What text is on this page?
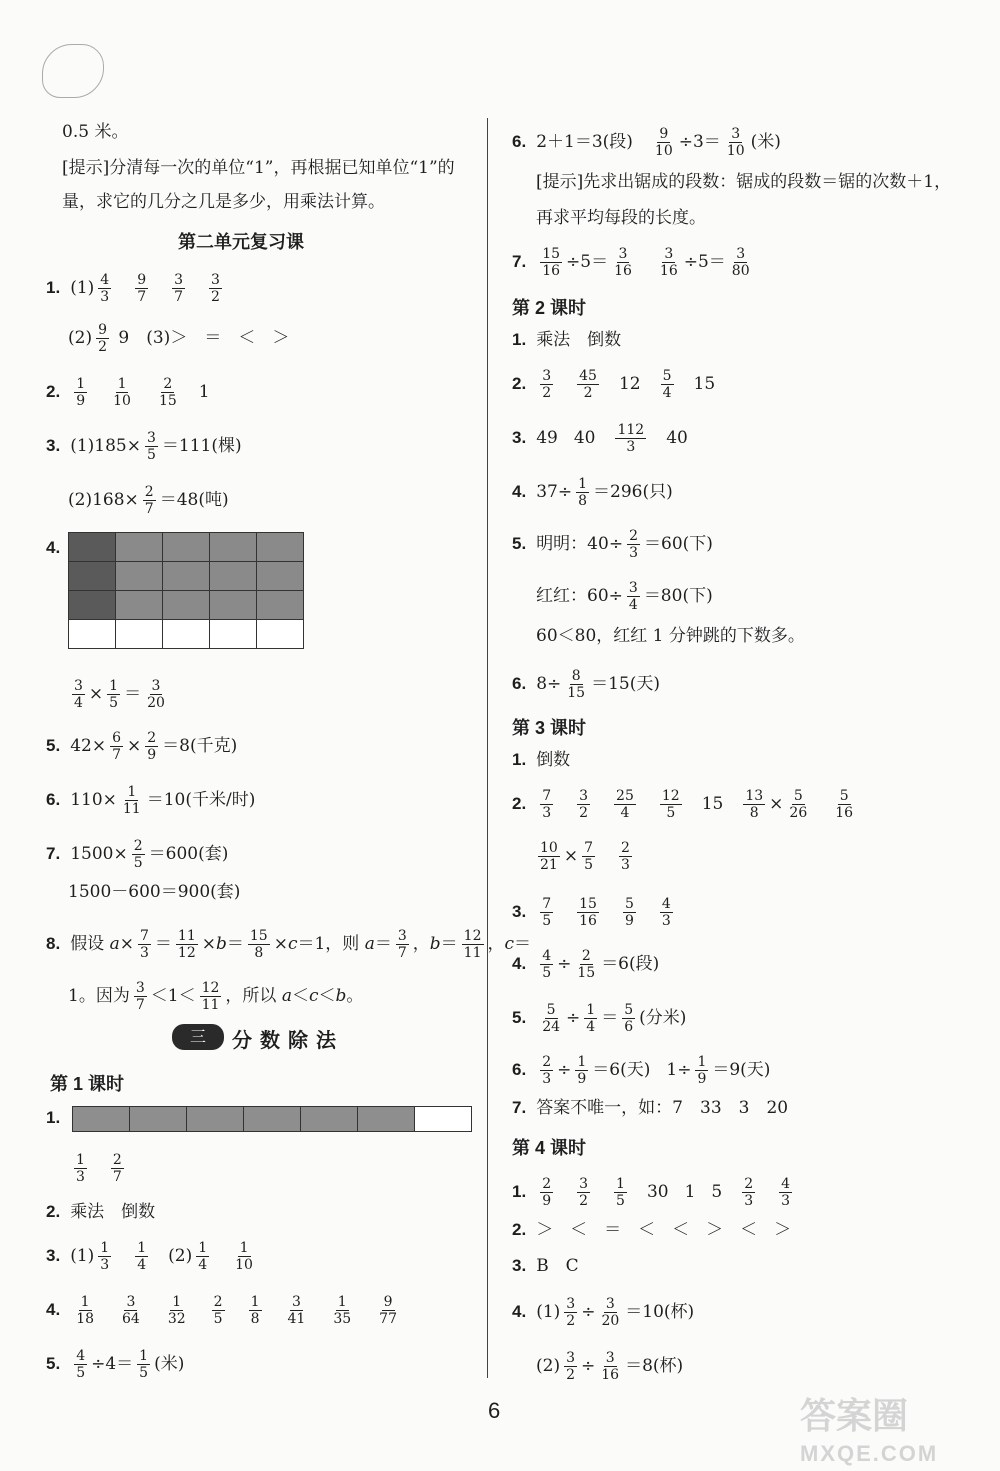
0.5 米。
[提示]分清每一次的单位“1”，再根据已知单位“1”的
量，求它的几分之几是多少，用乘法计算。
第二单元复习课
1. $(1) \frac{4}{3} \frac{9}{7} \frac{3}{7} \frac{3}{2}$
$(2) \frac{9}{2} 9$　(3)＞　＝　＜　＞
2. $\frac{1}{9} \frac{1}{10} \frac{2}{15} 1$
3. $(1)185\times \frac{3}{5} =111$(棵)
$(2)168\times \frac{2}{7} =48$(吨)
4.

$\frac{3}{4} \times \frac{1}{5} = \frac{3}{20}$
5. $42\times \frac{6}{7} \times \frac{2}{9} =8$(千克)
6. $110\times \frac{1}{11} =10$(千米/时)
7. $1500\times \frac{2}{5} =600$(套)
1500－600＝900(套)
8. 假设 $a\times \frac{7}{3} = \frac{11}{12} \times b= \frac{15}{8} \times c=1$，则 $a= \frac{3}{7}$ ，$b= \frac{12}{11}$ ，c＝
1。因为 $\frac{3}{7} <1< \frac{12}{11}$ ，所以 a＜c＜b。
三	分数除法
第 1 课时
1.

$\frac{1}{3} \frac{2}{7}$
2. 乘法　倒数
3. $(1) \frac{1}{3} \frac{1}{4} (2) \frac{1}{4} \frac{1}{10}$
4. $\frac{1}{18} \frac{3}{64} \frac{1}{32} \frac{2}{5} \frac{1}{8} \frac{3}{41} \frac{1}{35} \frac{9}{77}$
5. $\frac{4}{5} \div 4= \frac{1}{5}$ (米)
6. 2＋1＝3(段) $\frac{9}{10} \div 3= \frac{3}{10}$ (米)
[提示]先求出锯成的段数：锯成的段数＝锯的次数＋1，
再求平均每段的长度。
7. $\frac{15}{16} \div 5= \frac{3}{16} \frac{3}{16} \div 5= \frac{3}{80}$
第 2 课时
1. 乘法　倒数
2. $\frac{3}{2} \frac{45}{2} 12 \frac{5}{4} 15$
3. 49 $40 \frac{112}{3} 40$
4. $37\div \frac{1}{8} =296$(只)
5. 明明：$40\div \frac{2}{3} =60$(下)
红红：$60\div \frac{3}{4} =80$(下)
60＜80，红红 1 分钟跳的下数多。
6. $8\div \frac{8}{15} =15$(天)
第 3 课时
1. 倒数
2. $\frac{7}{3} \frac{3}{2} \frac{25}{4} \frac{12}{5} 15 \frac{13}{8} \times \frac{5}{26} \frac{5}{16}$
$\frac{10}{21} \times \frac{7}{5} \frac{2}{3}$
3. $\frac{7}{5} \frac{15}{16} \frac{5}{9} \frac{4}{3}$
4. $\frac{4}{5} \div \frac{2}{15} =6$(段)
5. $\frac{5}{24} \div \frac{1}{4} = \frac{5}{6}$ (分米)
6. $\frac{2}{3} \div \frac{1}{9} =6$(天) $1\div \frac{1}{9} =9$(天)
7. 答案不唯一，如：7　33　3　20
第 4 课时
1. $\frac{2}{9} \frac{3}{2} \frac{1}{5} 30$ 1 $5 \frac{2}{3} \frac{4}{3}$
2. ＞　＜　＝　＜　＜　＞　＜　＞
3. B　C
4. $(1) \frac{3}{2} \div \frac{3}{20} =10$(杯)
$(2) \frac{3}{2} \div \frac{3}{16} =8$(杯)
6	答案圈
MXQE.COM
